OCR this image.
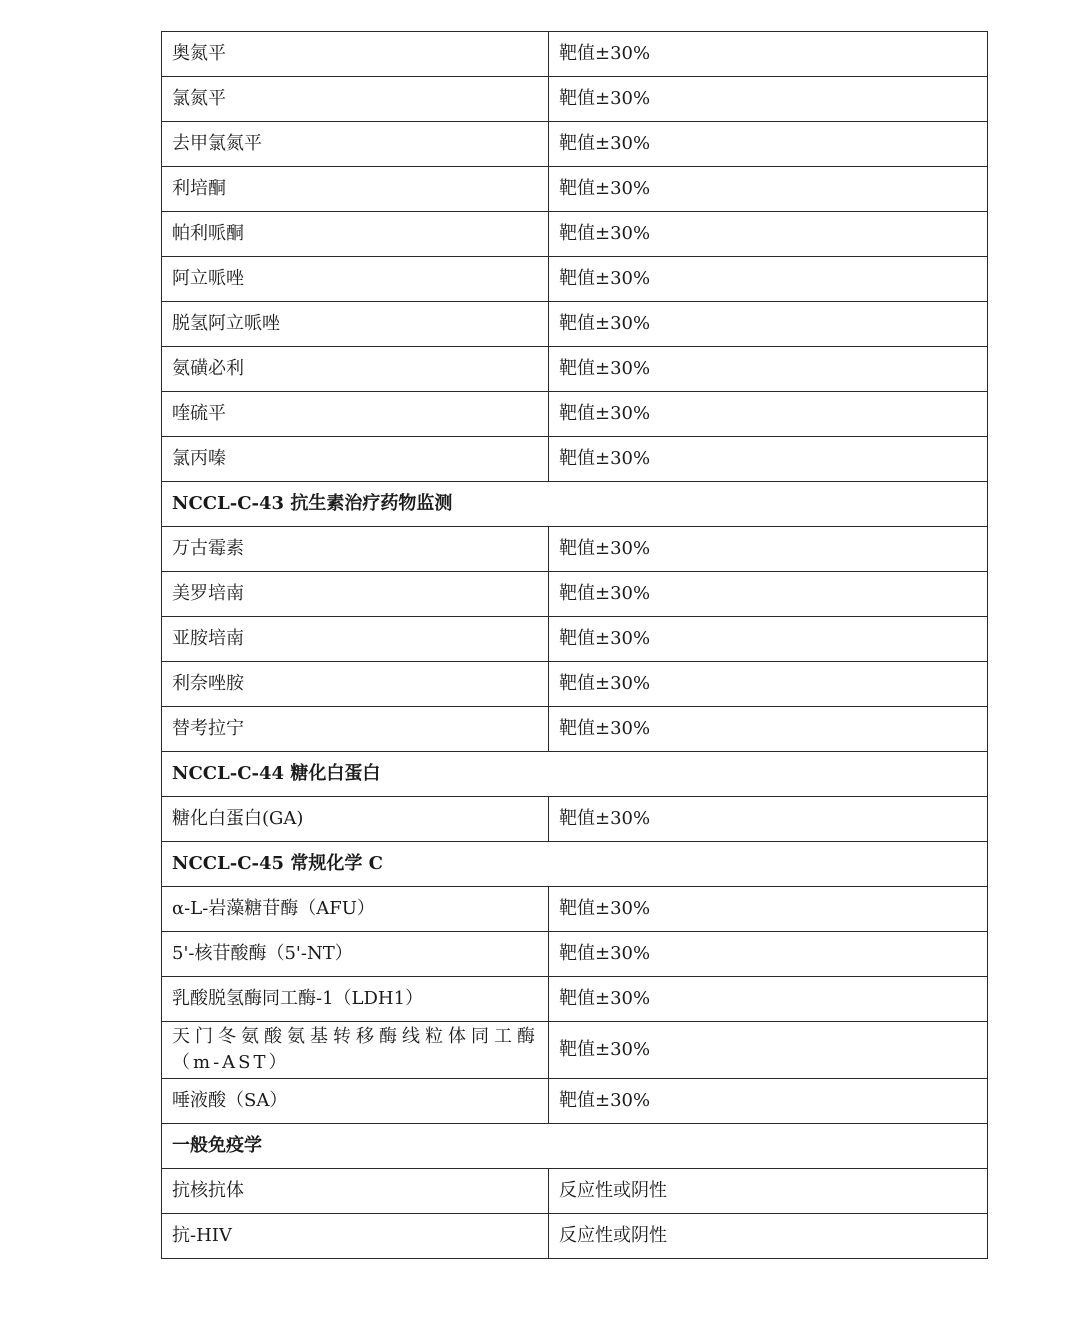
奥氮平	靶值±30%
氯氮平	靶值±30%
去甲氯氮平	靶值±30%
利培酮	靶值±30%
帕利哌酮	靶值±30%
阿立哌唑	靶值±30%
脱氢阿立哌唑	靶值±30%
氨磺必利	靶值±30%
喹硫平	靶值±30%
氯丙嗪	靶值±30%
NCCL-C-43 抗生素治疗药物监测	
万古霉素	靶值±30%
美罗培南	靶值±30%
亚胺培南	靶值±30%
利奈唑胺	靶值±30%
替考拉宁	靶值±30%
NCCL-C-44 糖化白蛋白	
糖化白蛋白(GA)	靶值±30%
NCCL-C-45 常规化学 C	
α-L-岩藻糖苷酶（AFU）	靶值±30%
5'-核苷酸酶（5'-NT）	靶值±30%
乳酸脱氢酶同工酶-1（LDH1）	靶值±30%
天门冬氨酸氨基转移酶线粒体同工酶（m-AST）	靶值±30%
唾液酸（SA）	靶值±30%
一般免疫学	
抗核抗体	反应性或阴性
抗-HIV	反应性或阴性
